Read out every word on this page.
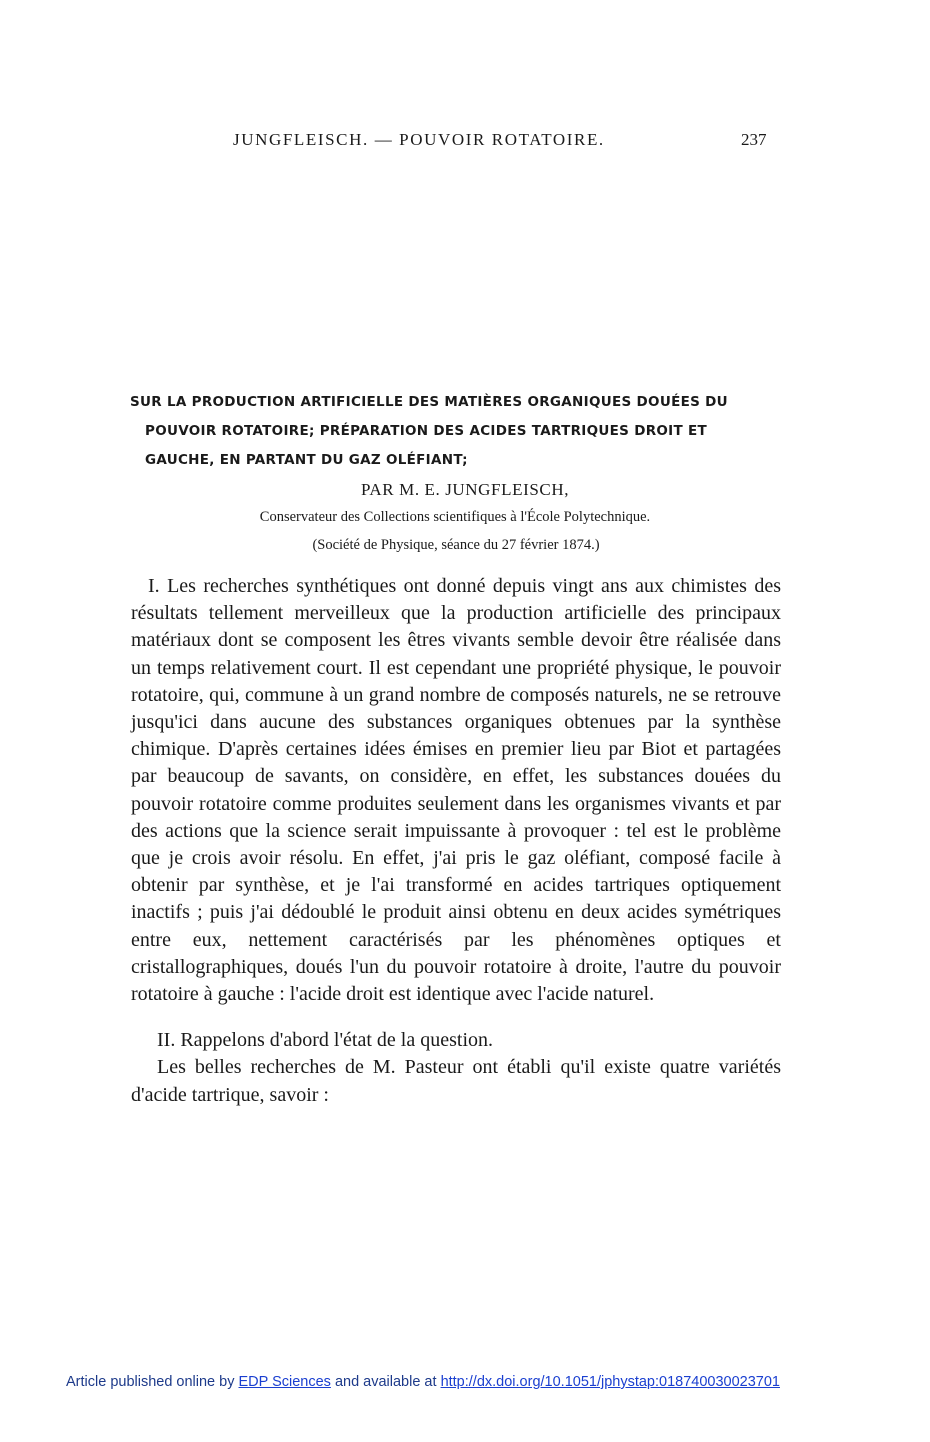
JUNGFLEISCH. — POUVOIR ROTATOIRE.	237
SUR LA PRODUCTION ARTIFICIELLE DES MATIÈRES ORGANIQUES DOUÉES DU
POUVOIR ROTATOIRE; PRÉPARATION DES ACIDES TARTRIQUES DROIT ET
GAUCHE, EN PARTANT DU GAZ OLÉFIANT;
PAR M. E. JUNGFLEISCH,
Conservateur des Collections scientifiques à l'École Polytechnique.
(Société de Physique, séance du 27 février 1874.)

I. Les recherches synthétiques ont donné depuis vingt ans aux chimistes des résultats tellement merveilleux que la production artificielle des principaux matériaux dont se composent les êtres vivants semble devoir être réalisée dans un temps relativement court. Il est cependant une propriété physique, le pouvoir rotatoire, qui, commune à un grand nombre de composés naturels, ne se retrouve jusqu'ici dans aucune des substances organiques obtenues par la synthèse chimique. D'après certaines idées émises en premier lieu par Biot et partagées par beaucoup de savants, on considère, en effet, les substances douées du pouvoir rotatoire comme produites seulement dans les organismes vivants et par des actions que la science serait impuissante à provoquer : tel est le problème que je crois avoir résolu. En effet, j'ai pris le gaz oléfiant, composé facile à obtenir par synthèse, et je l'ai transformé en acides tartriques optiquement inactifs ; puis j'ai dédoublé le produit ainsi obtenu en deux acides symétriques entre eux, nettement caractérisés par les phénomènes optiques et cristallographiques, doués l'un du pouvoir rotatoire à droite, l'autre du pouvoir rotatoire à gauche : l'acide droit est identique avec l'acide naturel.

II. Rappelons d'abord l'état de la question.

Les belles recherches de M. Pasteur ont établi qu'il existe quatre variétés d'acide tartrique, savoir :

Article published online by EDP Sciences and available at http://dx.doi.org/10.1051/jphystap:018740030023701
